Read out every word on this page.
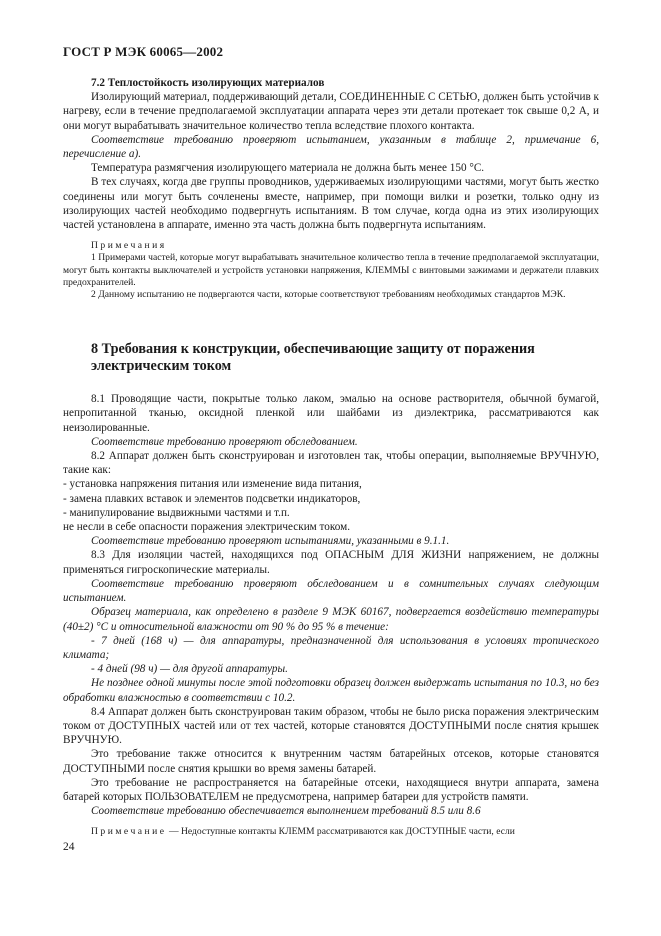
ГОСТ Р МЭК 60065—2002

7.2 Теплостойкость изолирующих материалов

Изолирующий материал, поддерживающий детали, СОЕДИНЕННЫЕ С СЕТЬЮ, должен быть устойчив к нагреву, если в течение предполагаемой эксплуатации аппарата через эти детали протекает ток свыше 0,2 А, и они могут вырабатывать значительное количество тепла вследствие плохого контакта.

Соответствие требованию проверяют испытанием, указанным в таблице 2, примечание 6, перечисление а).

Температура размягчения изолирующего материала не должна быть менее 150 °С.

В тех случаях, когда две группы проводников, удерживаемых изолирующими частями, могут быть жестко соединены или могут быть сочленены вместе, например, при помощи вилки и розетки, только одну из изолирующих частей необходимо подвергнуть испытаниям. В том случае, когда одна из этих изолирующих частей установлена в аппарате, именно эта часть должна быть подвергнута испытаниям.

Примечания

1 Примерами частей, которые могут вырабатывать значительное количество тепла в течение предполагаемой эксплуатации, могут быть контакты выключателей и устройств установки напряжения, КЛЕММЫ с винтовыми зажимами и держатели плавких предохранителей.

2 Данному испытанию не подвергаются части, которые соответствуют требованиям необходимых стандартов МЭК.

8 Требования к конструкции, обеспечивающие защиту от поражения электрическим током

8.1 Проводящие части, покрытые только лаком, эмалью на основе растворителя, обычной бумагой, непропитанной тканью, оксидной пленкой или шайбами из диэлектрика, рассматриваются как неизолированные.

Соответствие требованию проверяют обследованием.

8.2 Аппарат должен быть сконструирован и изготовлен так, чтобы операции, выполняемые ВРУЧНУЮ, такие как:

- установка напряжения питания или изменение вида питания,

- замена плавких вставок и элементов подсветки индикаторов,

- манипулирование выдвижными частями и т.п.

не несли в себе опасности поражения электрическим током.

Соответствие требованию проверяют испытаниями, указанными в 9.1.1.

8.3 Для изоляции частей, находящихся под ОПАСНЫМ ДЛЯ ЖИЗНИ напряжением, не должны применяться гигроскопические материалы.

Соответствие требованию проверяют обследованием и в сомнительных случаях следующим испытанием.

Образец материала, как определено в разделе 9 МЭК 60167, подвергается воздействию температуры (40±2) °С и относительной влажности от 90 % до 95 % в течение:

- 7 дней (168 ч) — для аппаратуры, предназначенной для использования в условиях тропического климата;

- 4 дней (98 ч) — для другой аппаратуры.

Не позднее одной минуты после этой подготовки образец должен выдержать испытания по 10.3, но без обработки влажностью в соответствии с 10.2.

8.4 Аппарат должен быть сконструирован таким образом, чтобы не было риска поражения электрическим током от ДОСТУПНЫХ частей или от тех частей, которые становятся ДОСТУПНЫМИ после снятия крышек ВРУЧНУЮ.

Это требование также относится к внутренним частям батарейных отсеков, которые становятся ДОСТУПНЫМИ после снятия крышки во время замены батарей.

Это требование не распространяется на батарейные отсеки, находящиеся внутри аппарата, замена батарей которых ПОЛЬЗОВАТЕЛЕМ не предусмотрена, например батареи для устройств памяти.

Соответствие требованию обеспечивается выполнением требований 8.5 или 8.6

Примечание — Недоступные контакты КЛЕММ рассматриваются как ДОСТУПНЫЕ части, если

24
